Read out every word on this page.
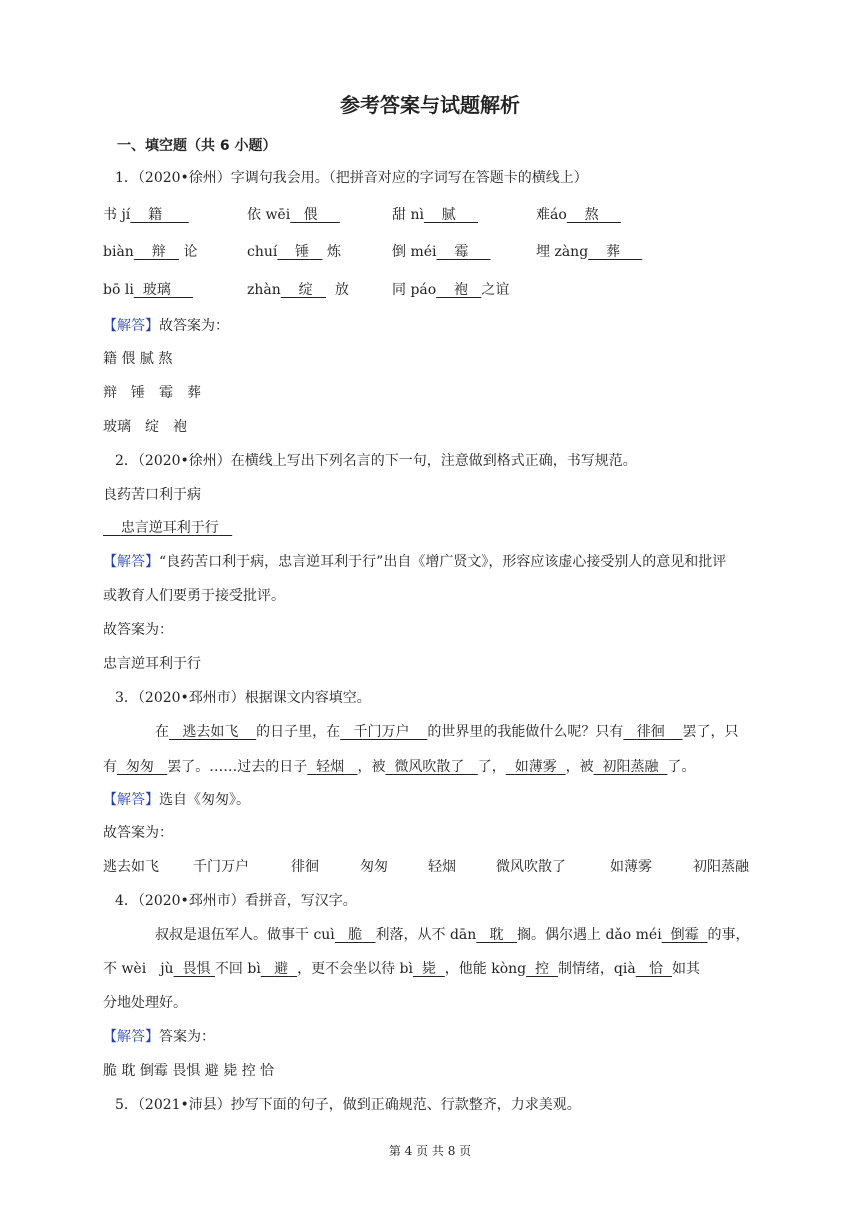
参考答案与试题解析
一、填空题（共 6 小题）
1．（2020•徐州）字调句我会用。（把拼音对应的字词写在答题卡的横线上）
书 jí 籍	依 wēi 偎	甜 nì 腻	难áo 熬
biàn 辩 论	chuí 锤 炼	倒 méi 霉	埋 zàng 葬
bō li 玻璃	zhàn 绽 放	同 páo 袍 之谊
【解答】故答案为：
籍 偎 腻 熬
辩　锤　霉　葬
玻璃　绽　袍
2．（2020•徐州）在横线上写出下列名言的下一句，注意做到格式正确，书写规范。
良药苦口利于病
忠言逆耳利于行
【解答】“良药苦口利于病，忠言逆耳利于行”出自《增广贤文》，形容应该虚心接受别人的意见和批评
或教育人们要勇于接受批评。
故答案为：
忠言逆耳利于行
3．（2020•邳州市）根据课文内容填空。
在 逃去如飞 的日子里，在 千门万户 的世界里的我能做什么呢？只有 徘徊 罢了，只
有 匆匆 罢了。……过去的日子 轻烟 ，被 微风吹散了 了， 如薄雾 ，被 初阳蒸融 了。
【解答】选自《匆匆》。
故答案为：
逃去如飞 千门万户	徘徊	匆匆	轻烟	微风吹散了	如薄雾	初阳蒸融
4．（2020•邳州市）看拼音，写汉字。
叔叔是退伍军人。做事干 cuì 脆 利落，从不 dān 耽 搁。偶尔遇上 dǎo méi 倒霉 的事，
不 wèi　jù 畏惧 不回 bì 避 ，更不会坐以待 bì 毙 ，他能 kòng 控 制情绪，qià 恰 如其
分地处理好。
【解答】答案为：
脆 耽 倒霉 畏惧 避 毙 控 恰
5．（2021•沛县）抄写下面的句子，做到正确规范、行款整齐，力求美观。
第 4 页 共 8 页
